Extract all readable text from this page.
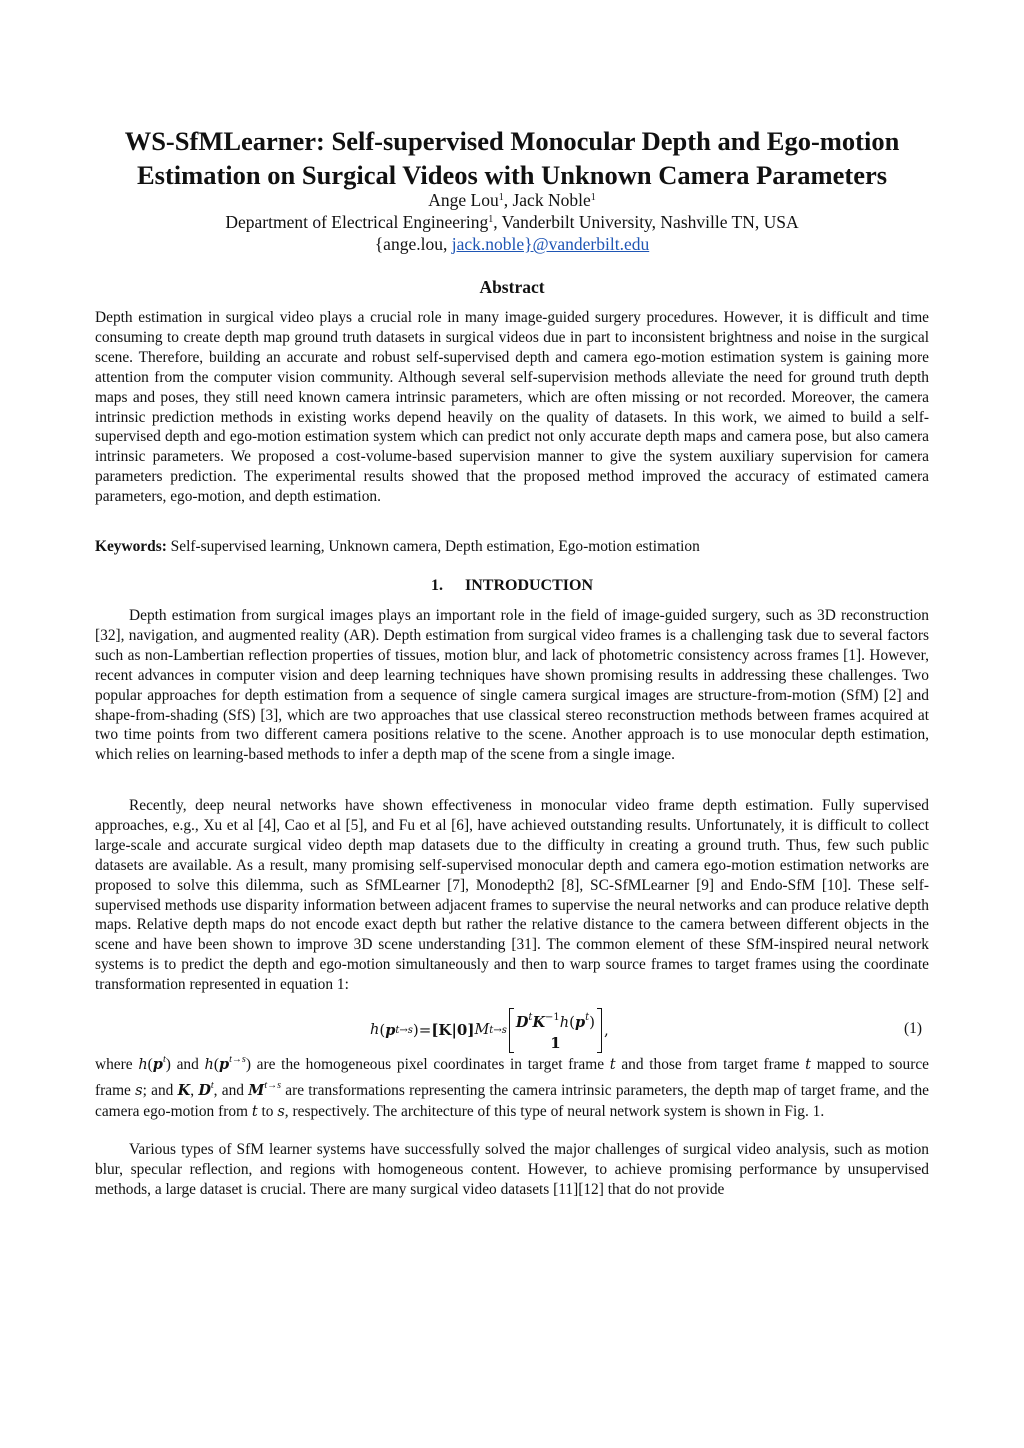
WS-SfMLearner: Self-supervised Monocular Depth and Ego-motion
Estimation on Surgical Videos with Unknown Camera Parameters
Ange Lou$^1$, Jack Noble$^1$
Department of Electrical Engineering$^1$, Vanderbilt University, Nashville TN, USA
{ange.lou, jack.noble}@vanderbilt.edu
Abstract

Depth estimation in surgical video plays a crucial role in many image-guided surgery procedures. However, it is difficult and time consuming to create depth map ground truth datasets in surgical videos due in part to inconsistent brightness and noise in the surgical scene. Therefore, building an accurate and robust self-supervised depth and camera ego-motion estimation system is gaining more attention from the computer vision community. Although several self-supervision methods alleviate the need for ground truth depth maps and poses, they still need known camera intrinsic parameters, which are often missing or not recorded. Moreover, the camera intrinsic prediction methods in existing works depend heavily on the quality of datasets. In this work, we aimed to build a self-supervised depth and ego-motion estimation system which can predict not only accurate depth maps and camera pose, but also camera intrinsic parameters. We proposed a cost-volume-based supervision manner to give the system auxiliary supervision for camera parameters prediction. The experimental results showed that the proposed method improved the accuracy of estimated camera parameters, ego-motion, and depth estimation.

Keywords: Self-supervised learning, Unknown camera, Depth estimation, Ego-motion estimation

1. INTRODUCTION

Depth estimation from surgical images plays an important role in the field of image-guided surgery, such as 3D reconstruction [32], navigation, and augmented reality (AR). Depth estimation from surgical video frames is a challenging task due to several factors such as non-Lambertian reflection properties of tissues, motion blur, and lack of photometric consistency across frames [1]. However, recent advances in computer vision and deep learning techniques have shown promising results in addressing these challenges. Two popular approaches for depth estimation from a sequence of single camera surgical images are structure-from-motion (SfM) [2] and shape-from-shading (SfS) [3], which are two approaches that use classical stereo reconstruction methods between frames acquired at two time points from two different camera positions relative to the scene. Another approach is to use monocular depth estimation, which relies on learning-based methods to infer a depth map of the scene from a single image.

Recently, deep neural networks have shown effectiveness in monocular video frame depth estimation. Fully supervised approaches, e.g., Xu et al [4], Cao et al [5], and Fu et al [6], have achieved outstanding results. Unfortunately, it is difficult to collect large-scale and accurate surgical video depth map datasets due to the difficulty in creating a ground truth. Thus, few such public datasets are available. As a result, many promising self-supervised monocular depth and camera ego-motion estimation networks are proposed to solve this dilemma, such as SfMLearner [7], Monodepth2 [8], SC-SfMLearner [9] and Endo-SfM [10]. These self-supervised methods use disparity information between adjacent frames to supervise the neural networks and can produce relative depth maps. Relative depth maps do not encode exact depth but rather the relative distance to the camera between different objects in the scene and have been shown to improve 3D scene understanding [31]. The common element of these SfM-inspired neural network systems is to predict the depth and ego-motion simultaneously and then to warp source frames to target frames using the coordinate transformation represented in equation 1:

h ( p t→s ) = [K|0] M t→s $D^tK^{-1}h(p^t)$
1
,	(1)

where $h(p^t)$ and $h(p^{t\to s})$ are the homogeneous pixel coordinates in target frame t and those from target frame t mapped to source frame s; and K, $D^t$, and $M^{t\to s}$ are transformations representing the camera intrinsic parameters, the depth map of target frame, and the camera ego-motion from t to s, respectively. The architecture of this type of neural network system is shown in Fig. 1.

Various types of SfM learner systems have successfully solved the major challenges of surgical video analysis, such as motion blur, specular reflection, and regions with homogeneous content. However, to achieve promising performance by unsupervised methods, a large dataset is crucial. There are many surgical video datasets [11][12] that do not provide
